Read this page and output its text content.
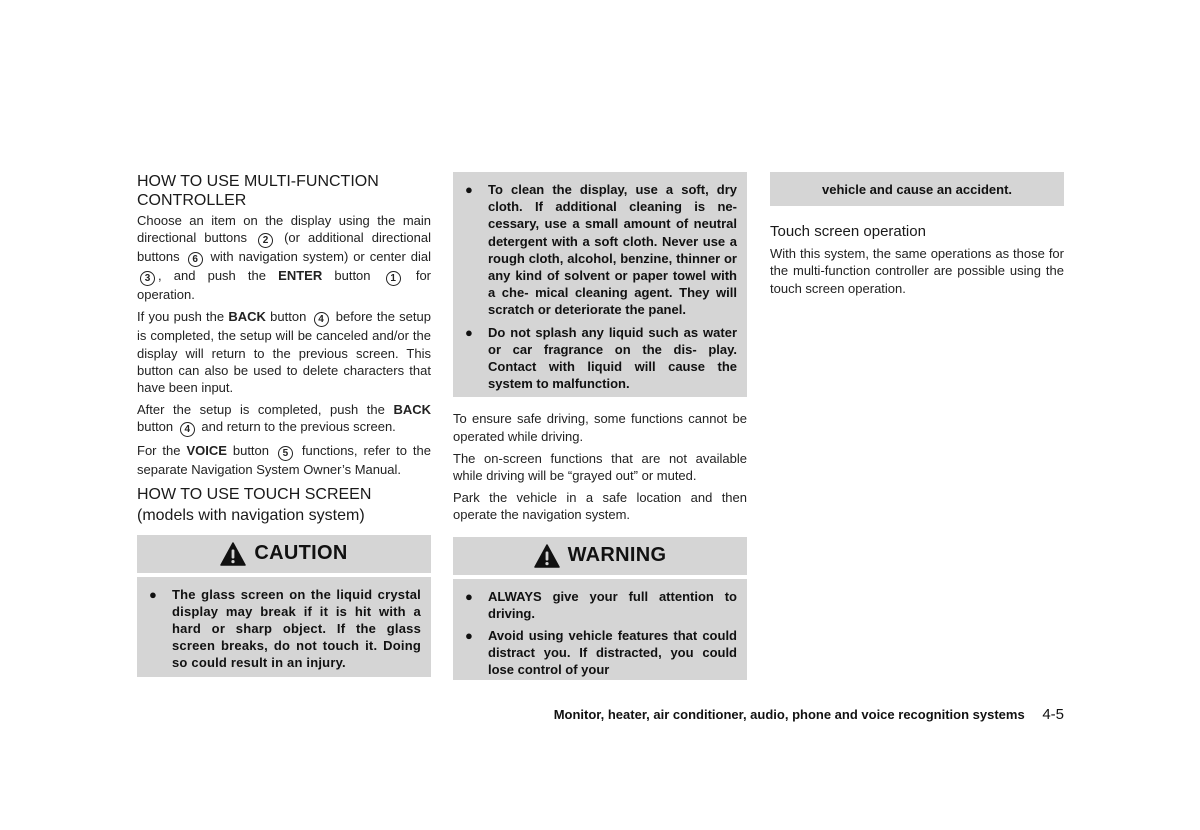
HOW TO USE MULTI-FUNCTION CONTROLLER

Choose an item on the display using the main directional buttons 2 (or additional directional buttons 6 with navigation system) or center dial 3 , and push the ENTER button 1 for operation.

If you push the BACK button 4 before the setup is completed, the setup will be canceled and/or the display will return to the previous screen. This button can also be used to delete characters that have been input.

After the setup is completed, push the BACK button 4 and return to the previous screen.

For the VOICE button 5 functions, refer to the separate Navigation System Owner’s Manual.

HOW TO USE TOUCH SCREEN
(models with navigation system)
CAUTION
● The glass screen on the liquid crystal display may break if it is hit with a hard or sharp object. If the glass screen breaks, do not touch it. Doing so could result in an injury.
● To clean the display, use a soft, dry cloth. If additional cleaning is ne- cessary, use a small amount of neutral detergent with a soft cloth. Never use a rough cloth, alcohol, benzine, thinner or any kind of solvent or paper towel with a che- mical cleaning agent. They will scratch or deteriorate the panel.
● Do not splash any liquid such as water or car fragrance on the dis- play. Contact with liquid will cause the system to malfunction.

To ensure safe driving, some functions cannot be operated while driving.

The on-screen functions that are not available while driving will be “grayed out” or muted.

Park the vehicle in a safe location and then operate the navigation system.

WARNING
● ALWAYS give your full attention to driving.
● Avoid using vehicle features that could distract you. If distracted, you could lose control of your
vehicle and cause an accident.
Touch screen operation

With this system, the same operations as those for the multi-function controller are possible using the touch screen operation.

Monitor, heater, air conditioner, audio, phone and voice recognition systems 4-5
